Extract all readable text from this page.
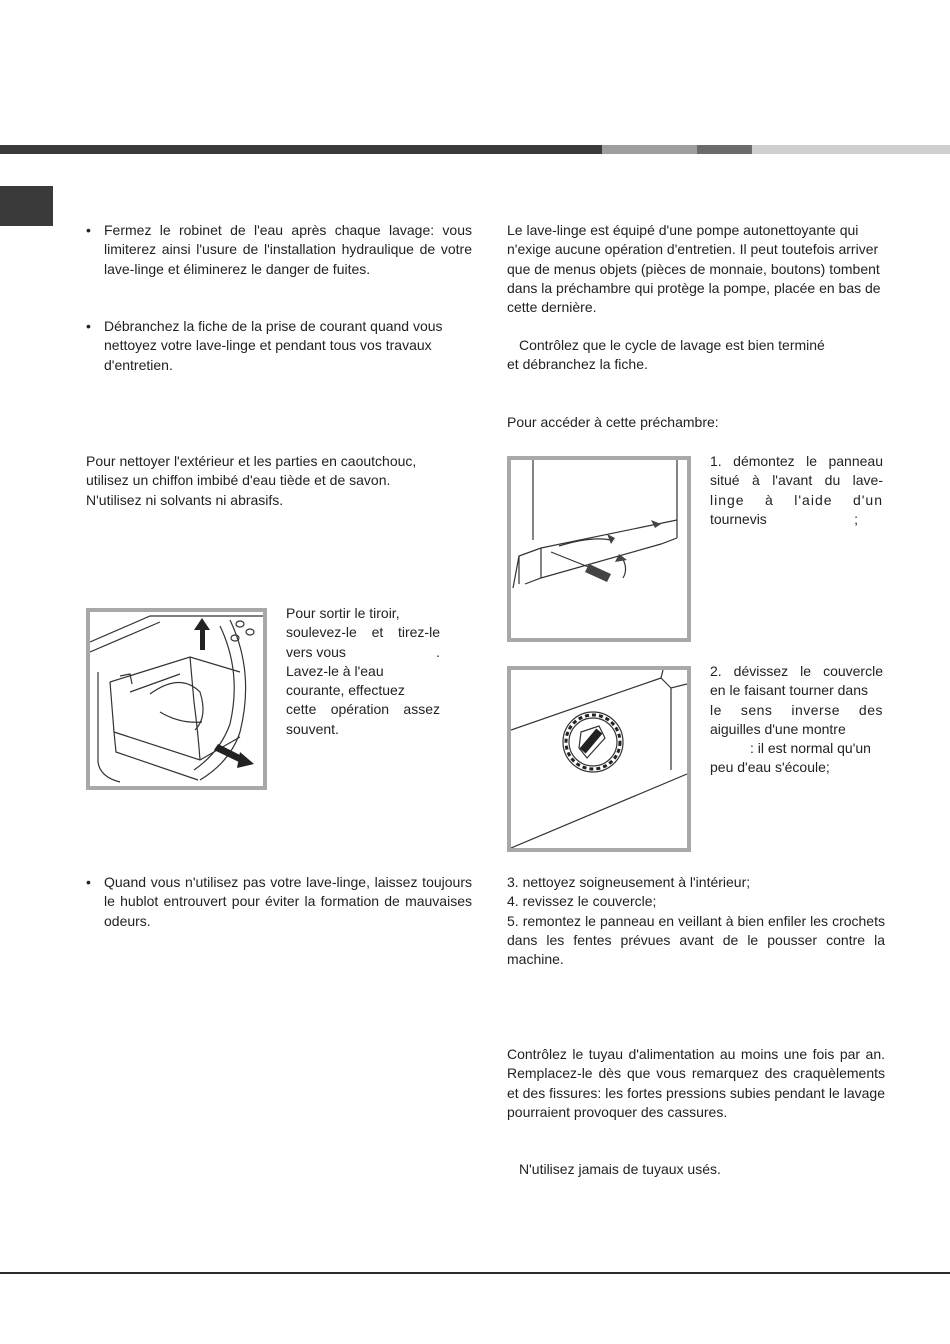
• Fermez le robinet de l'eau après chaque lavage: vous limiterez ainsi l'usure de l'installation hydraulique de votre lave-linge et éliminerez le danger de fuites.
• Débranchez la fiche de la prise de courant quand vous nettoyez votre lave-linge et pendant tous vos travaux d'entretien.
Pour nettoyer l'extérieur et les parties en caoutchouc,
utilisez un chiffon imbibé d'eau tiède et de savon.
N'utilisez ni solvants ni abrasifs.
Pour sortir le tiroir,
soulevez-le et tirez-le
vers vous	.
Lavez-le à l'eau
courante, effectuez
cette opération assez
souvent.
• Quand vous n'utilisez pas votre lave-linge, laissez toujours le hublot entrouvert pour éviter la formation de mauvaises odeurs.
Le lave-linge est équipé d'une pompe autonettoyante qui n'exige aucune opération d'entretien. Il peut toutefois arriver que de menus objets (pièces de monnaie, boutons) tombent dans la préchambre qui protège la pompe, placée en bas de cette dernière.
Contrôlez que le cycle de lavage est bien terminé
et débranchez la fiche.
Pour accéder à cette préchambre:
1. démontez le panneau
situé à l'avant du lave-
linge à l'aide d'un
tournevis	;
2. dévissez le couvercle
en le faisant tourner dans
le sens inverse des
aiguilles d'une montre
: il est normal qu'un
peu d'eau s'écoule;
3. nettoyez soigneusement à l'intérieur;
4. revissez le couvercle;
5. remontez le panneau en veillant à bien enfiler les crochets dans les fentes prévues avant de le pousser contre la machine.
Contrôlez le tuyau d'alimentation au moins une fois par an. Remplacez-le dès que vous remarquez des craquèlements et des fissures: les fortes pressions subies pendant le lavage pourraient provoquer des cassures.
N'utilisez jamais de tuyaux usés.
